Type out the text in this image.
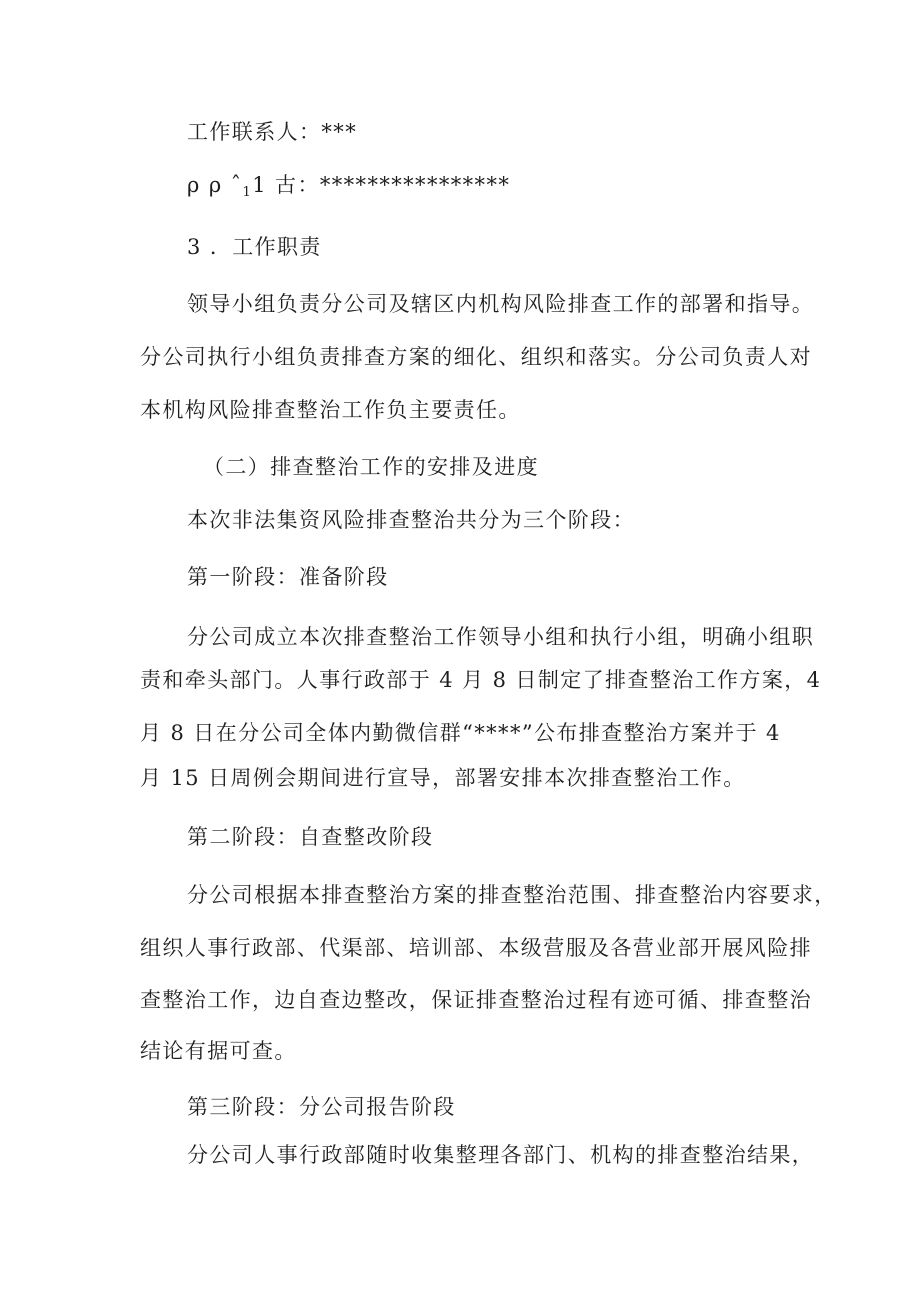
工作联系人：***
ρ ρ ˆ$_1$1 古：****************
3 ．工作职责
领导小组负责分公司及辖区内机构风险排查工作的部署和指导。
分公司执行小组负责排查方案的细化、组织和落实。分公司负责人对
本机构风险排查整治工作负主要责任。
（二）排查整治工作的安排及进度
本次非法集资风险排查整治共分为三个阶段：
第一阶段：准备阶段
分公司成立本次排查整治工作领导小组和执行小组，明确小组职
责和牵头部门。人事行政部于 4 月 8 日制定了排查整治工作方案，4
月 8 日在分公司全体内勤微信群“****”公布排查整治方案并于 4
月 15 日周例会期间进行宣导，部署安排本次排查整治工作。
第二阶段：自查整改阶段
分公司根据本排查整治方案的排查整治范围、排查整治内容要求，
组织人事行政部、代渠部、培训部、本级营服及各营业部开展风险排
查整治工作，边自查边整改，保证排查整治过程有迹可循、排查整治
结论有据可查。
第三阶段：分公司报告阶段
分公司人事行政部随时收集整理各部门、机构的排查整治结果，
